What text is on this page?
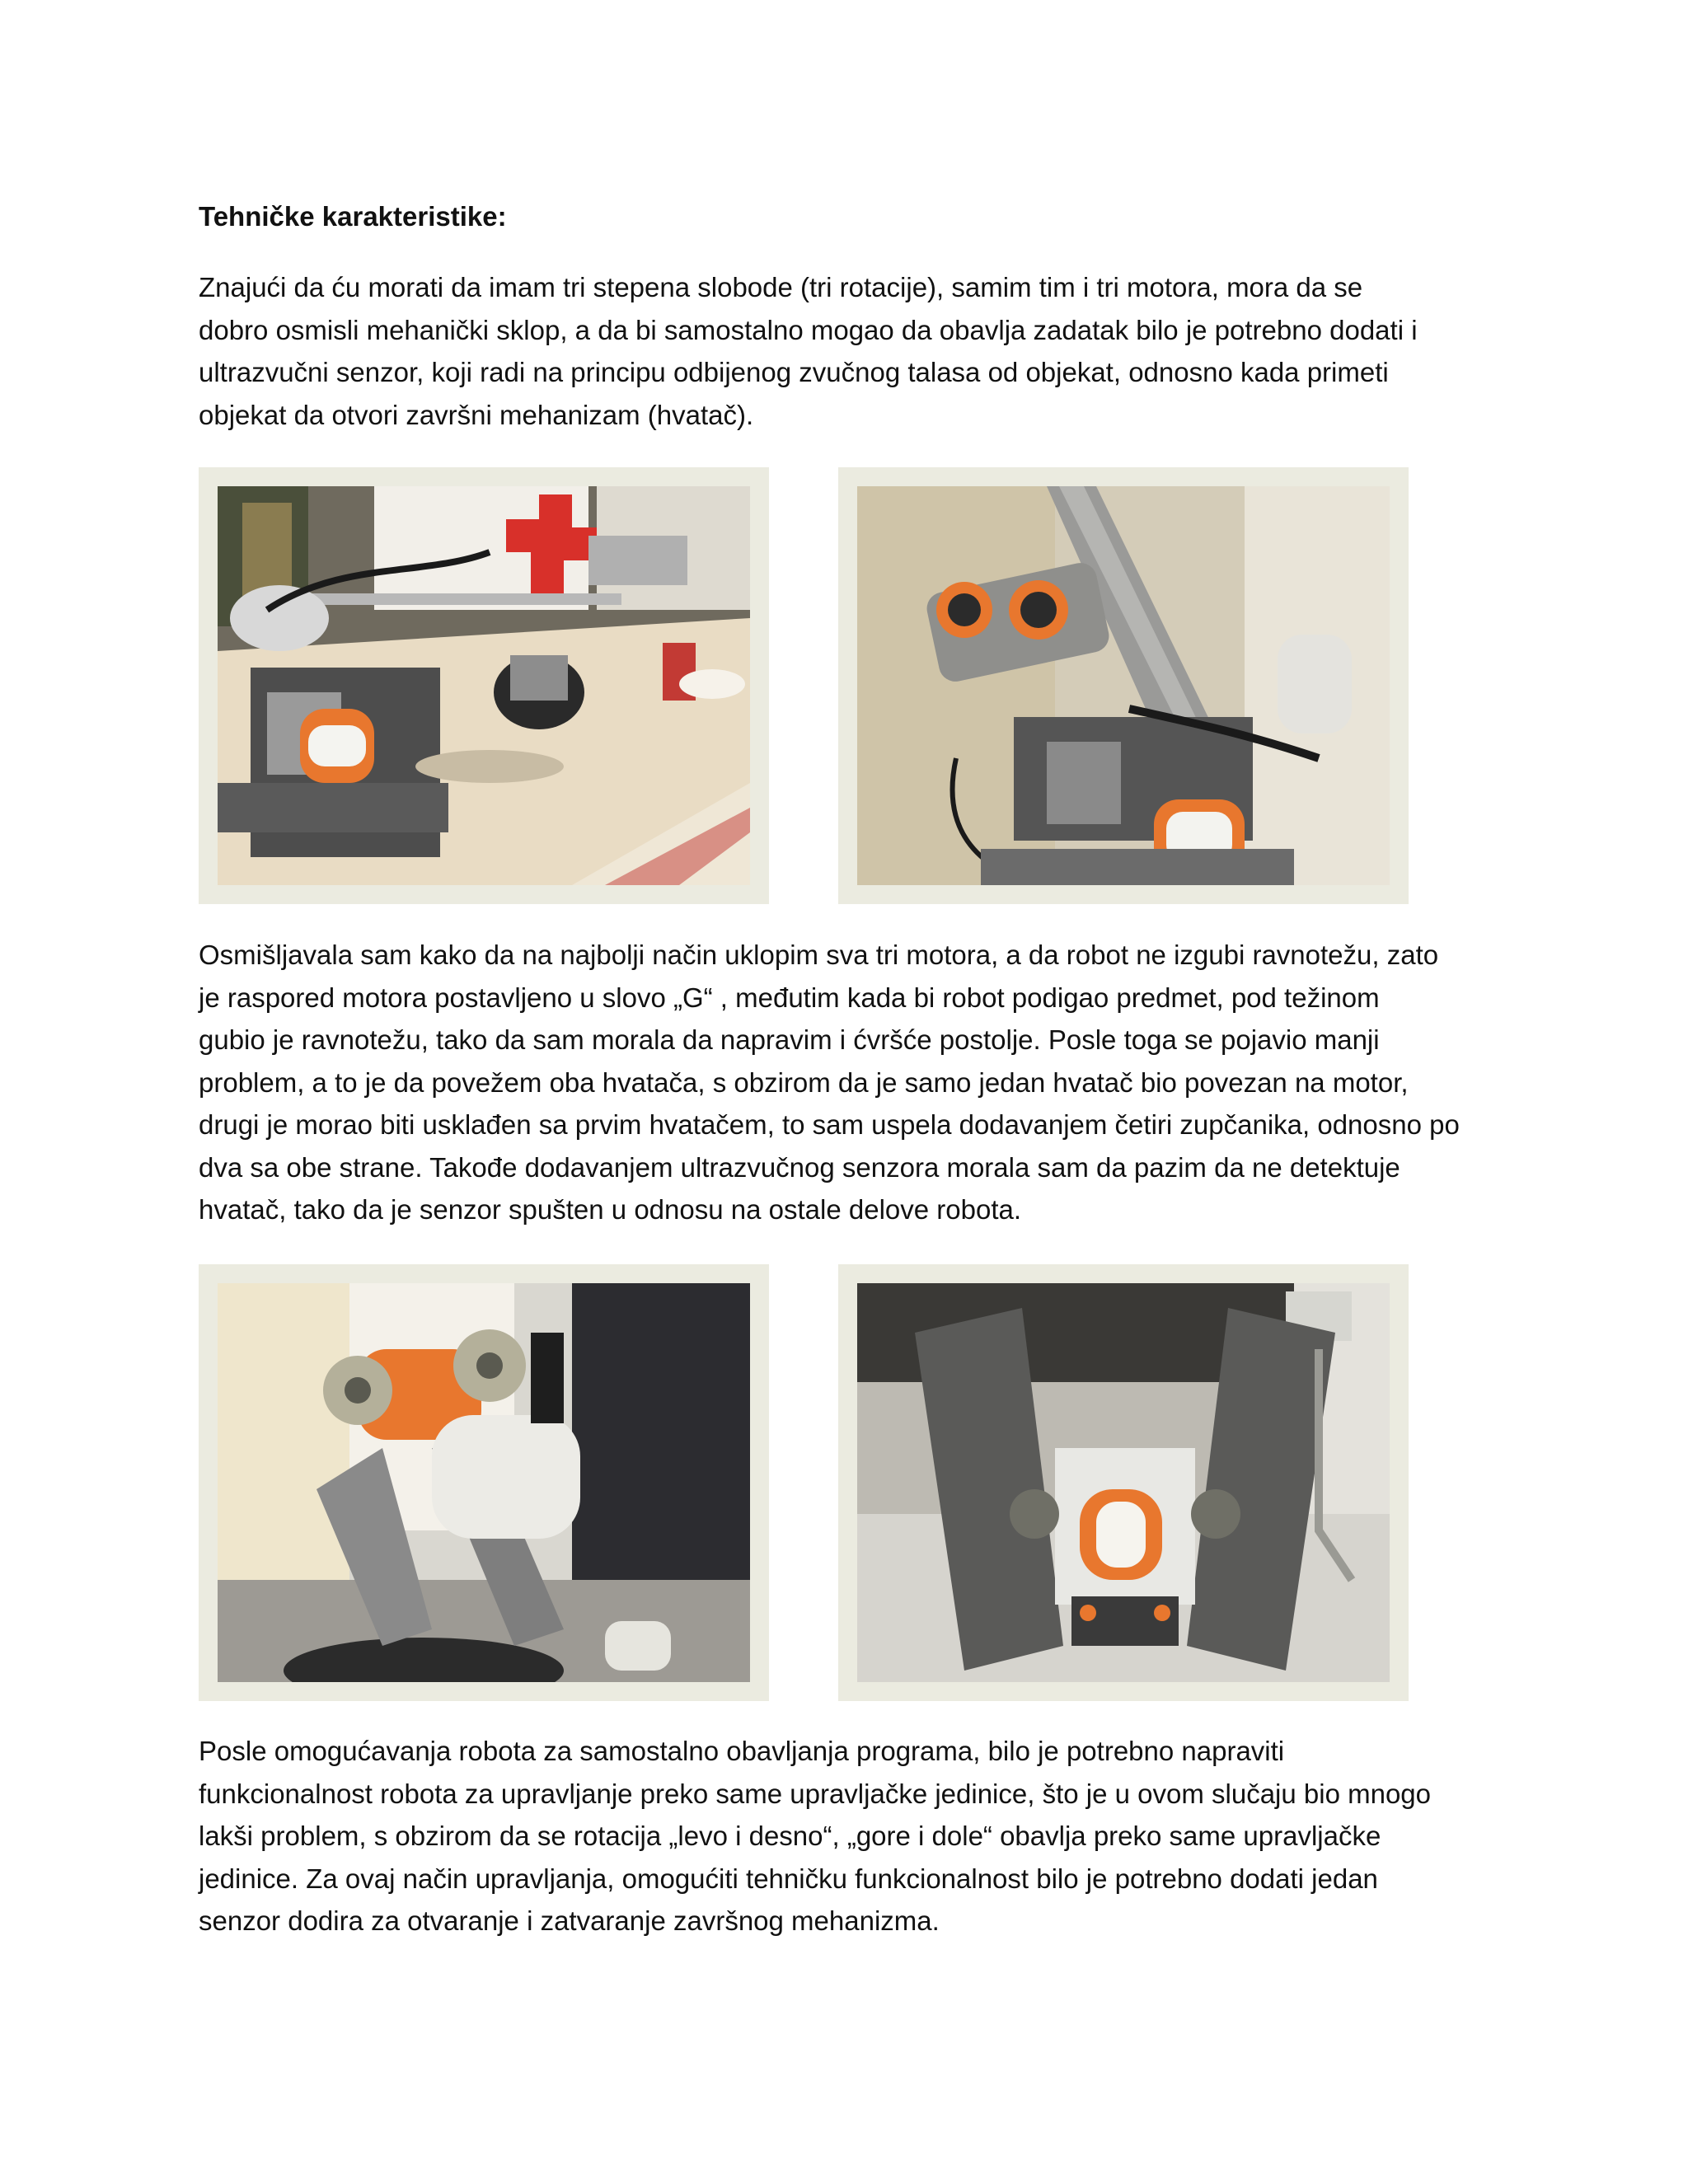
Tehničke karakteristike:

Znajući da ću morati da imam tri stepena slobode (tri rotacije), samim tim i tri motora, mora da se

dobro osmisli mehanički sklop, a da bi samostalno mogao da obavlja zadatak bilo je potrebno dodati i

ultrazvučni senzor, koji radi na principu odbijenog zvučnog talasa od objekat, odnosno kada primeti

objekat da otvori završni mehanizam (hvatač).

Osmišljavala sam kako da na najbolji način uklopim sva tri motora, a da robot ne izgubi ravnotežu, zato

je raspored motora postavljeno u slovo „G“ , međutim kada bi robot podigao predmet, pod težinom

gubio je ravnotežu, tako da sam morala da napravim i ćvršće postolje. Posle toga se pojavio manji

problem, a to je da povežem oba hvatača, s obzirom da je samo jedan hvatač bio povezan na motor,

drugi je morao biti usklađen sa prvim hvatačem, to sam uspela dodavanjem četiri zupčanika, odnosno po

dva sa obe strane. Takođe dodavanjem ultrazvučnog senzora morala sam da pazim da ne detektuje

hvatač, tako da je senzor spušten u odnosu na ostale delove robota.

Posle omogućavanja robota za samostalno obavljanja programa, bilo je potrebno napraviti

funkcionalnost robota za upravljanje preko same upravljačke jedinice, što je u ovom slučaju bio mnogo

lakši problem, s obzirom da se rotacija „levo i desno“, „gore i dole“ obavlja preko same upravljačke

jedinice. Za ovaj način upravljanja, omogućiti tehničku funkcionalnost bilo je potrebno dodati jedan

senzor dodira za otvaranje i zatvaranje završnog mehanizma.
